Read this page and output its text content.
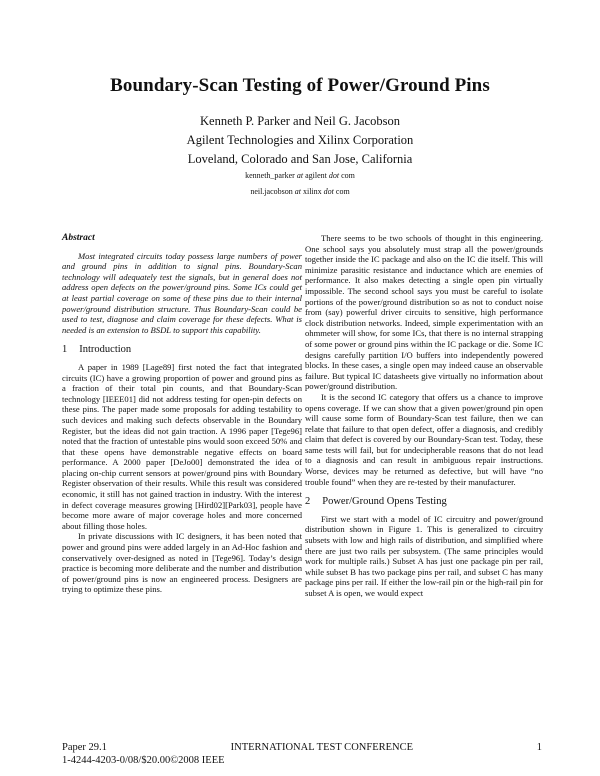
Boundary-Scan Testing of Power/Ground Pins
Kenneth P. Parker and Neil G. Jacobson
Agilent Technologies and Xilinx Corporation
Loveland, Colorado and San Jose, California
kenneth_parker at agilent dot com
neil.jacobson at xilinx dot com
Abstract

Most integrated circuits today possess large numbers of power and ground pins in addition to signal pins. Boundary-Scan technology will adequately test the signals, but in general does not address open defects on the power/ground pins. Some ICs could get at least partial coverage on some of these pins due to their internal power/ground distribution structure. Thus Boundary-Scan could be used to test, diagnose and claim coverage for these defects. What is needed is an extension to BSDL to support this capability.

1 Introduction

A paper in 1989 [Lage89] first noted the fact that integrated circuits (IC) have a growing proportion of power and ground pins as a fraction of their total pin counts, and that Boundary-Scan technology [IEEE01] did not address testing for open-pin defects on these pins. The paper made some proposals for adding testability to such devices and making such defects observable in the Boundary Register, but the ideas did not gain traction. A 1996 paper [Tege96] noted that the fraction of untestable pins would soon exceed 50% and that these opens have demonstrable negative effects on board performance. A 2000 paper [DeJo00] demonstrated the idea of placing on-chip current sensors at power/ground pins with Boundary Register observation of their results. While this result was considered economic, it still has not gained traction in industry. With the interest in defect coverage measures growing [Hird02][Park03], people have become more aware of major coverage holes and more concerned about filling those holes.

In private discussions with IC designers, it has been noted that power and ground pins were added largely in an Ad-Hoc fashion and conservatively over-designed as noted in [Tege96]. Today’s design practice is becoming more deliberate and the number and distribution of power/ground pins is now an engineered process. Designers are trying to optimize these pins.

There seems to be two schools of thought in this engineering. One school says you absolutely must strap all the power/grounds together inside the IC package and also on the IC die itself. This will minimize parasitic resistance and inductance which are enemies of performance. It also makes detecting a single open pin virtually impossible. The second school says you must be careful to isolate portions of the power/ground distribution so as not to conduct noise from (say) powerful driver circuits to sensitive, high performance clock distribution networks. Indeed, simple experimentation with an ohmmeter will show, for some ICs, that there is no internal strapping of some power or ground pins within the IC package or die. Some IC designs carefully partition I/O buffers into independently powered blocks. In these cases, a single open may indeed cause an observable failure. But typical IC datasheets give virtually no information about power/ground distribution.

It is the second IC category that offers us a chance to improve opens coverage. If we can show that a given power/ground pin open will cause some form of Boundary-Scan test failure, then we can relate that failure to that open defect, offer a diagnosis, and credibly claim that defect is covered by our Boundary-Scan test. Today, these same tests will fail, but for undecipherable reasons that do not lead to a diagnosis and can result in ambiguous repair instructions. Worse, devices may be returned as defective, but will have “no trouble found” when they are re-tested by their manufacturer.

2 Power/Ground Opens Testing

First we start with a model of IC circuitry and power/ground distribution shown in Figure 1. This is generalized to circuitry subsets with low and high rails of distribution, and simplified where there are just two rails per subsystem. (The same principles would work for multiple rails.) Subset A has just one package pin per rail, while subset B has two package pins per rail, and subset C has many package pins per rail. If either the low-rail pin or the high-rail pin for subset A is open, we would expect

Paper 29.1	INTERNATIONAL TEST CONFERENCE	1
1-4244-4203-0/08/$20.00©2008 IEEE
